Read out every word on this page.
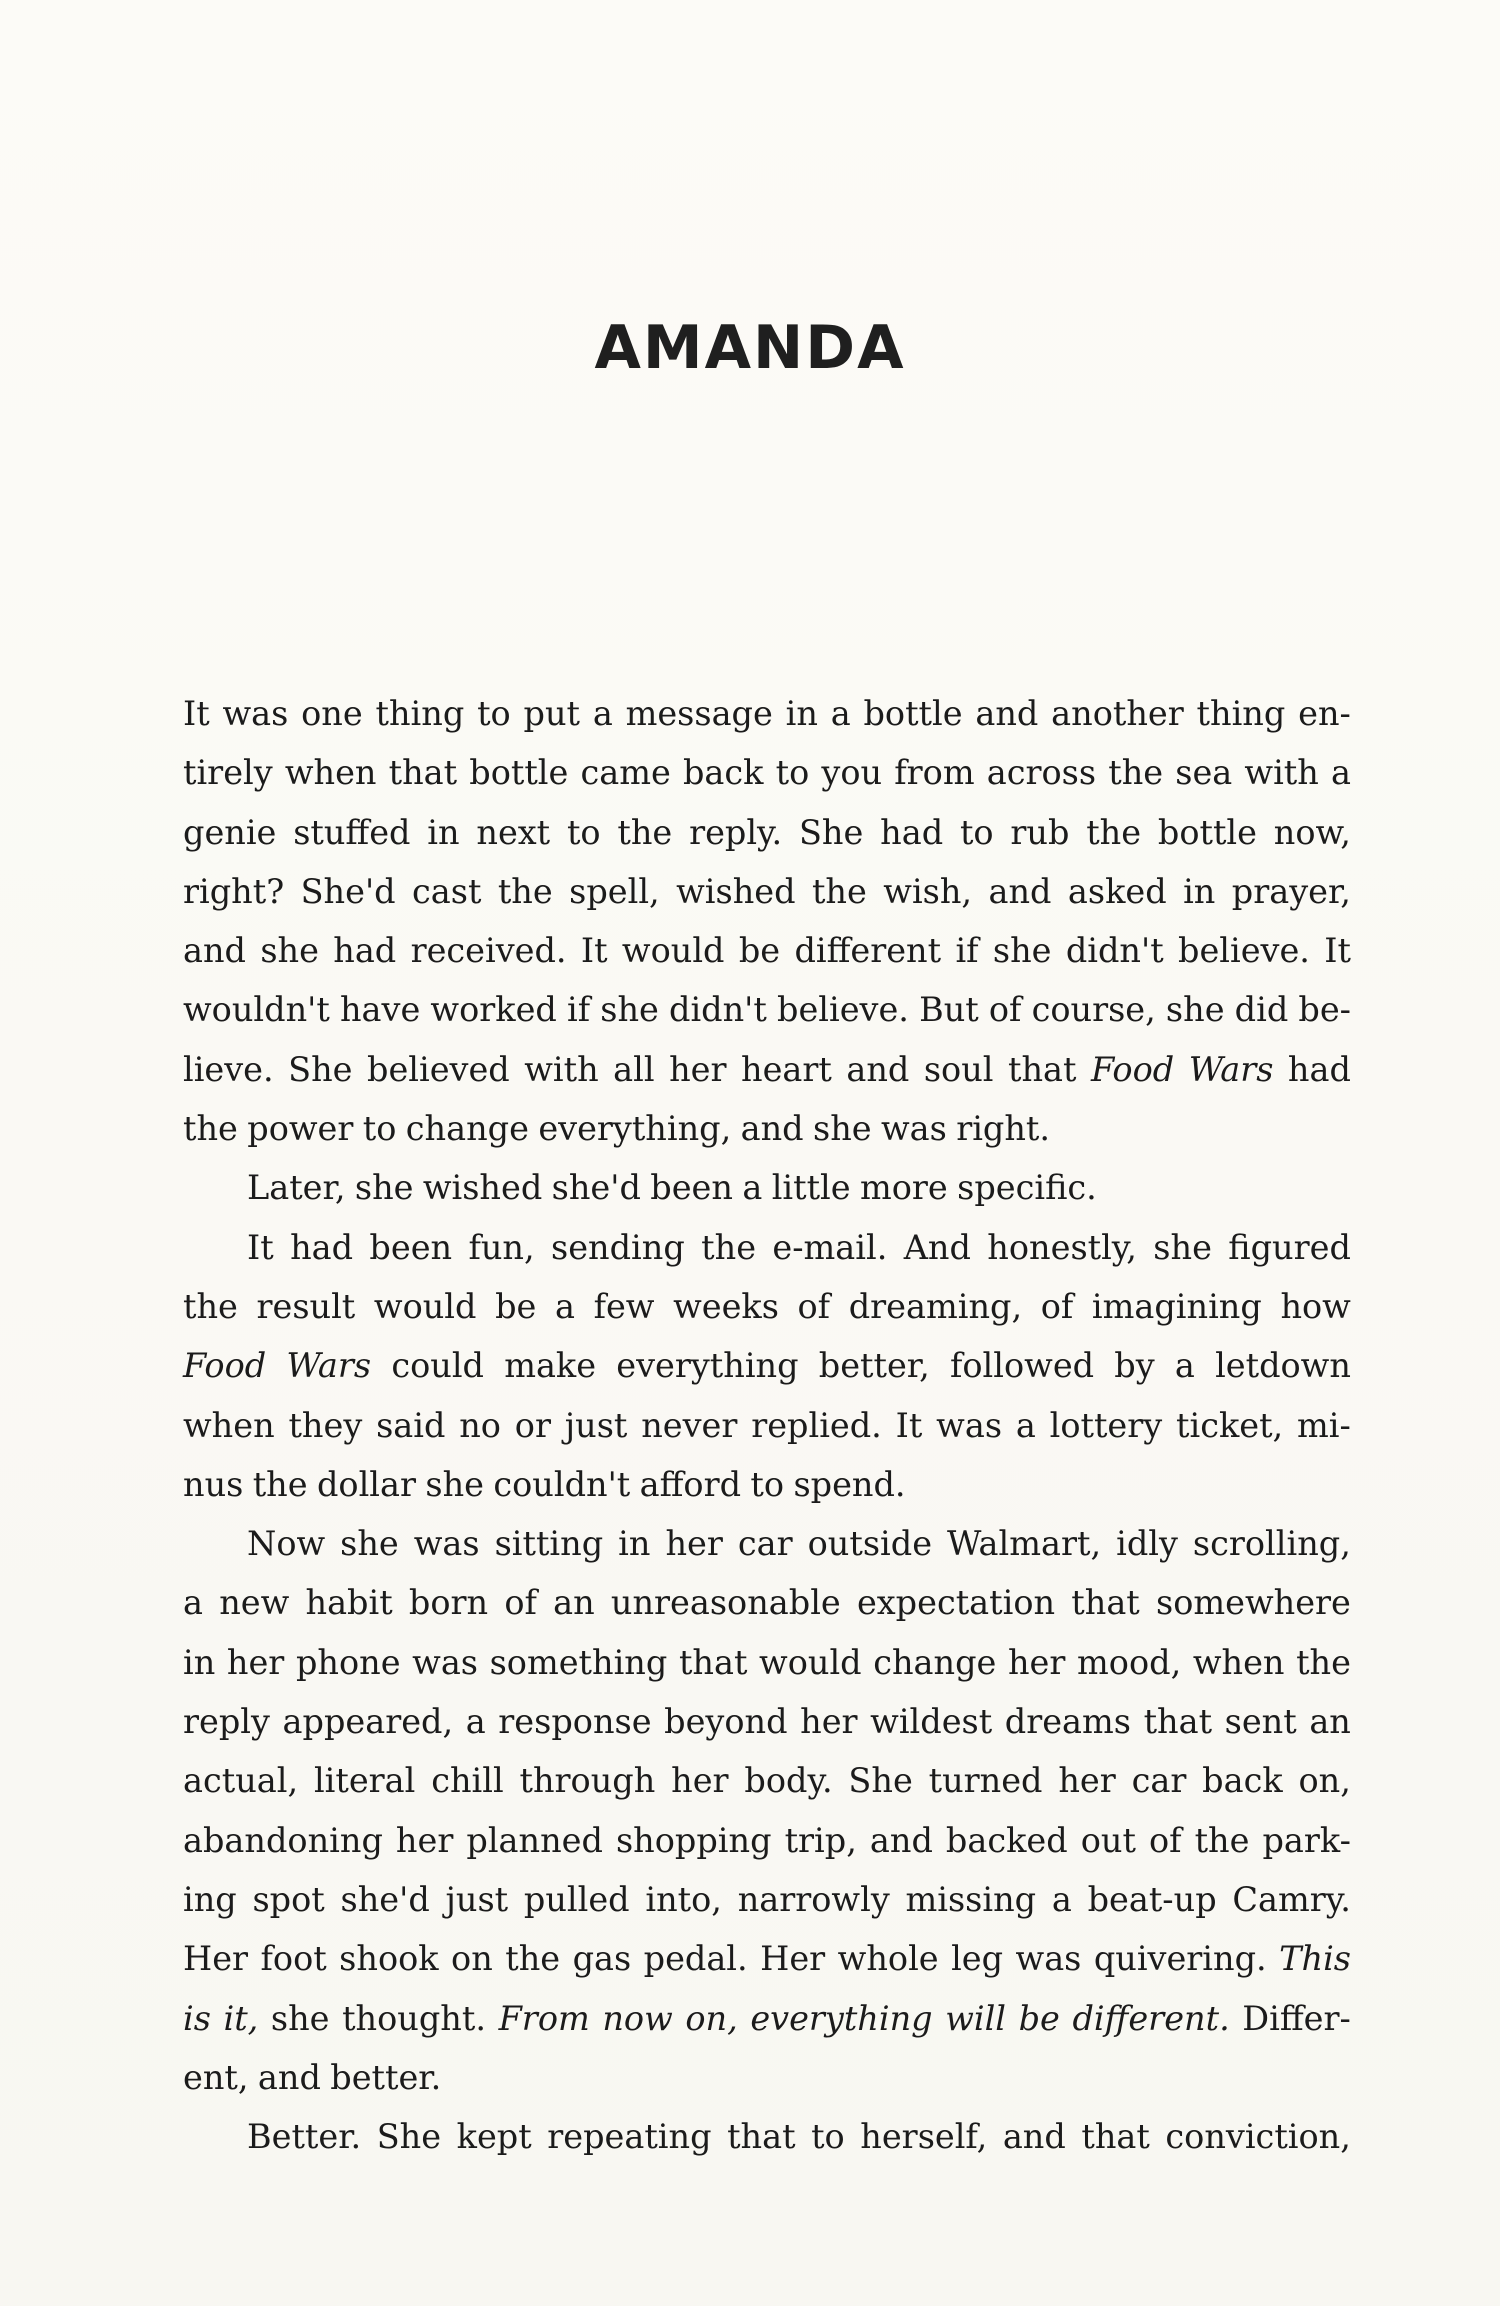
AMANDA
It was one thing to put a message in a bottle and another thing en-
tirely when that bottle came back to you from across the sea with a
genie stuffed in next to the reply. She had to rub the bottle now,
right? She'd cast the spell, wished the wish, and asked in prayer,
and she had received. It would be different if she didn't believe. It
wouldn't have worked if she didn't believe. But of course, she did be-
lieve. She believed with all her heart and soul that Food Wars had
the power to change everything, and she was right.
Later, she wished she'd been a little more specific.
It had been fun, sending the e-mail. And honestly, she figured
the result would be a few weeks of dreaming, of imagining how
Food Wars could make everything better, followed by a letdown
when they said no or just never replied. It was a lottery ticket, mi-
nus the dollar she couldn't afford to spend.
Now she was sitting in her car outside Walmart, idly scrolling,
a new habit born of an unreasonable expectation that somewhere
in her phone was something that would change her mood, when the
reply appeared, a response beyond her wildest dreams that sent an
actual, literal chill through her body. She turned her car back on,
abandoning her planned shopping trip, and backed out of the park-
ing spot she'd just pulled into, narrowly missing a beat-up Camry.
Her foot shook on the gas pedal. Her whole leg was quivering. This
is it, she thought. From now on, everything will be different. Differ-
ent, and better.
Better. She kept repeating that to herself, and that conviction,
